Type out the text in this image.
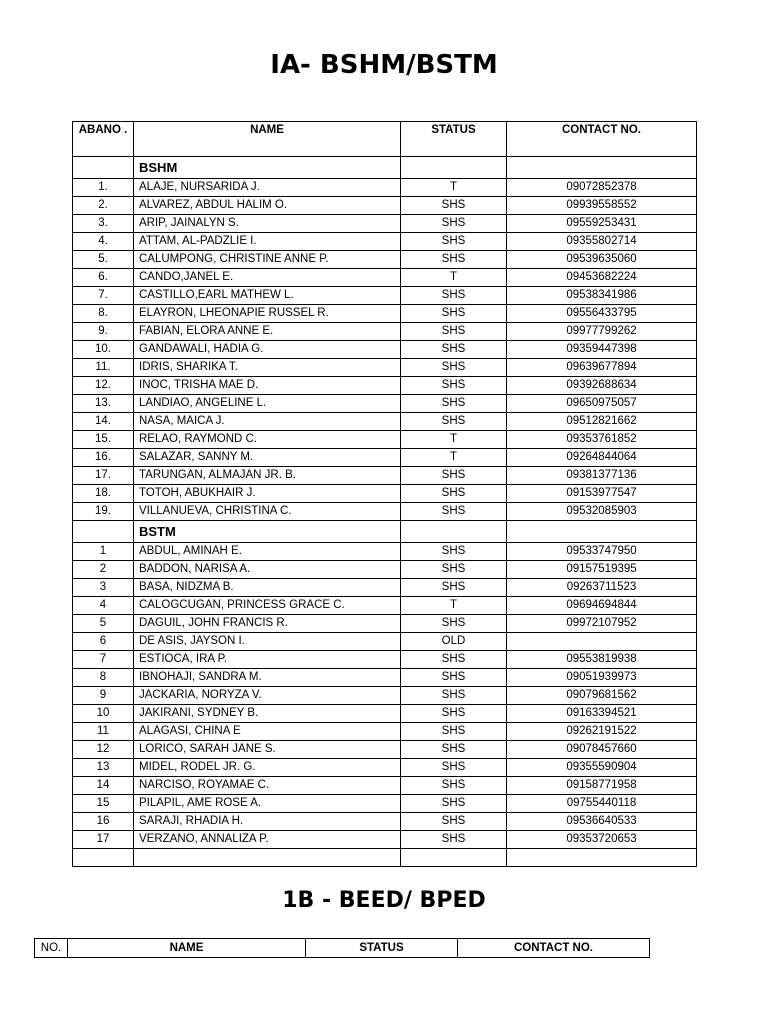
IA- BSHM/BSTM
ABANO .	NAME	STATUS	CONTACT NO.
	BSHM		
1.	ALAJE, NURSARIDA J.	T	09072852378
2.	ALVAREZ, ABDUL HALIM O.	SHS	09939558552
3.	ARIP, JAINALYN S.	SHS	09559253431
4.	ATTAM, AL-PADZLIE I.	SHS	09355802714
5.	CALUMPONG, CHRISTINE ANNE P.	SHS	09539635060
6.	CANDO,JANEL E.	T	09453682224
7.	CASTILLO,EARL MATHEW L.	SHS	09538341986
8.	ELAYRON, LHEONAPIE RUSSEL R.	SHS	09556433795
9.	FABIAN, ELORA ANNE E.	SHS	09977799262
10.	GANDAWALI, HADIA G.	SHS	09359447398
11.	IDRIS, SHARIKA T.	SHS	09639677894
12.	INOC, TRISHA MAE D.	SHS	09392688634
13.	LANDIAO, ANGELINE L.	SHS	09650975057
14.	NASA, MAICA J.	SHS	09512821662
15.	RELAO, RAYMOND C.	T	09353761852
16.	SALAZAR, SANNY M.	T	09264844064
17.	TARUNGAN, ALMAJAN JR. B.	SHS	09381377136
18.	TOTOH, ABUKHAIR J.	SHS	09153977547
19.	VILLANUEVA, CHRISTINA C.	SHS	09532085903
	BSTM		
1	ABDUL, AMINAH E.	SHS	09533747950
2	BADDON, NARISA A.	SHS	09157519395
3	BASA, NIDZMA B.	SHS	09263711523
4	CALOGCUGAN, PRINCESS GRACE C.	T	09694694844
5	DAGUIL, JOHN FRANCIS R.	SHS	09972107952
6	DE ASIS, JAYSON I.	OLD	
7	ESTIOCA, IRA P.	SHS	09553819938
8	IBNOHAJI, SANDRA M.	SHS	09051939973
9	JACKARIA, NORYZA V.	SHS	09079681562
10	JAKIRANI, SYDNEY B.	SHS	09163394521
11	ALAGASI, CHINA E	SHS	09262191522
12	LORICO, SARAH JANE S.	SHS	09078457660
13	MIDEL, RODEL JR. G.	SHS	09355590904
14	NARCISO, ROYAMAE C.	SHS	09158771958
15	PILAPIL, AME ROSE A.	SHS	09755440118
16	SARAJI, RHADIA H.	SHS	09536640533
17	VERZANO, ANNALIZA P.	SHS	09353720653

1B - BEED/ BPED
NO.	NAME	STATUS	CONTACT NO.
